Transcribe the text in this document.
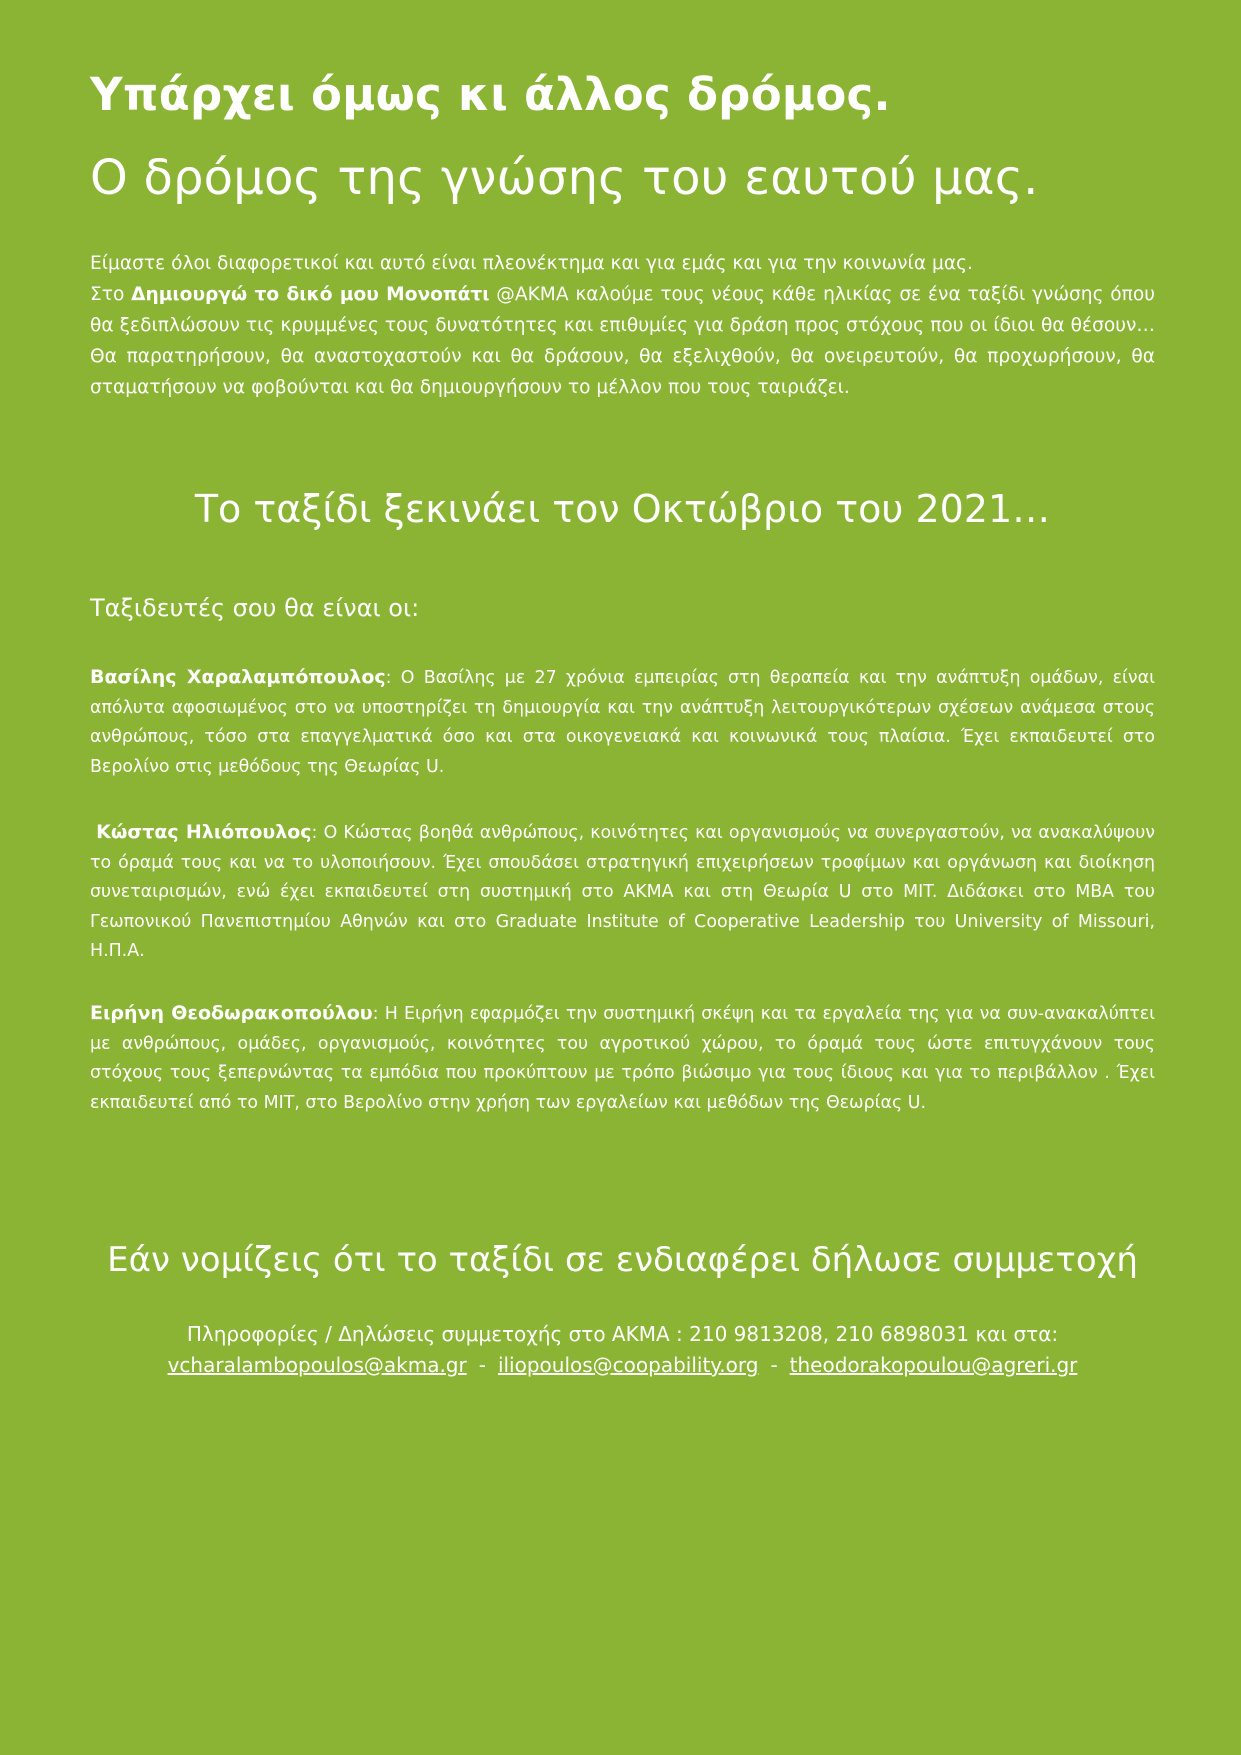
Υπάρχει όμως κι άλλος δρόμος.
Ο δρόμος της γνώσης του εαυτού μας.

Είμαστε όλοι διαφορετικοί και αυτό είναι πλεονέκτημα και για εμάς και για την κοινωνία μας.

Στο Δημιουργώ το δικό μου Μονοπάτι @ΑΚΜΑ καλούμε τους νέους κάθε ηλικίας σε ένα ταξίδι γνώσης όπου θα ξεδιπλώσουν τις κρυμμένες τους δυνατότητες και επιθυμίες για δράση προς στόχους που οι ίδιοι θα θέσουν… Θα παρατηρήσουν, θα αναστοχαστούν και θα δράσουν, θα εξελιχθούν, θα ονειρευτούν, θα προχωρήσουν, θα σταματήσουν να φοβούνται και θα δημιουργήσουν το μέλλον που τους ταιριάζει.

Το ταξίδι ξεκινάει τον Οκτώβριο του 2021…
Ταξιδευτές σου θα είναι οι:
Βασίλης Χαραλαμπόπουλος: Ο Βασίλης με 27 χρόνια εμπειρίας στη θεραπεία και την ανάπτυξη ομάδων, είναι απόλυτα αφοσιωμένος στο να υποστηρίζει τη δημιουργία και την ανάπτυξη λειτουργικότερων σχέσεων ανάμεσα στους ανθρώπους, τόσο στα επαγγελματικά όσο και στα οικογενειακά και κοινωνικά τους πλαίσια. Έχει εκπαιδευτεί στο Βερολίνο στις μεθόδους της Θεωρίας U.
Κώστας Ηλιόπουλος: Ο Κώστας βοηθά ανθρώπους, κοινότητες και οργανισμούς να συνεργαστούν, να ανακαλύψουν το όραμά τους και να το υλοποιήσουν. Έχει σπουδάσει στρατηγική επιχειρήσεων τροφίμων και οργάνωση και διοίκηση συνεταιρισμών, ενώ έχει εκπαιδευτεί στη συστημική στο ΑΚΜΑ και στη Θεωρία U στο MIT. Διδάσκει στο MBA του Γεωπονικού Πανεπιστημίου Αθηνών και στο Graduate Institute of Cooperative Leadership του University of Missouri, Η.Π.Α.
Ειρήνη Θεοδωρακοπούλου: Η Ειρήνη εφαρμόζει την συστημική σκέψη και τα εργαλεία της για να συν-ανακαλύπτει με ανθρώπους, ομάδες, οργανισμούς, κοινότητες του αγροτικού χώρου, το όραμά τους ώστε επιτυγχάνουν τους στόχους τους ξεπερνώντας τα εμπόδια που προκύπτουν με τρόπο βιώσιμο για τους ίδιους και για το περιβάλλον . Έχει εκπαιδευτεί από το MIT, στο Βερολίνο στην χρήση των εργαλείων και μεθόδων της Θεωρίας U.
Εάν νομίζεις ότι το ταξίδι σε ενδιαφέρει δήλωσε συμμετοχή

Πληροφορίες / Δηλώσεις συμμετοχής στο ΑΚΜΑ : 210 9813208, 210 6898031 και στα:

vcharalambopoulos@akma.gr - iliopoulos@coopability.org - theodorakopoulou@agreri.gr
